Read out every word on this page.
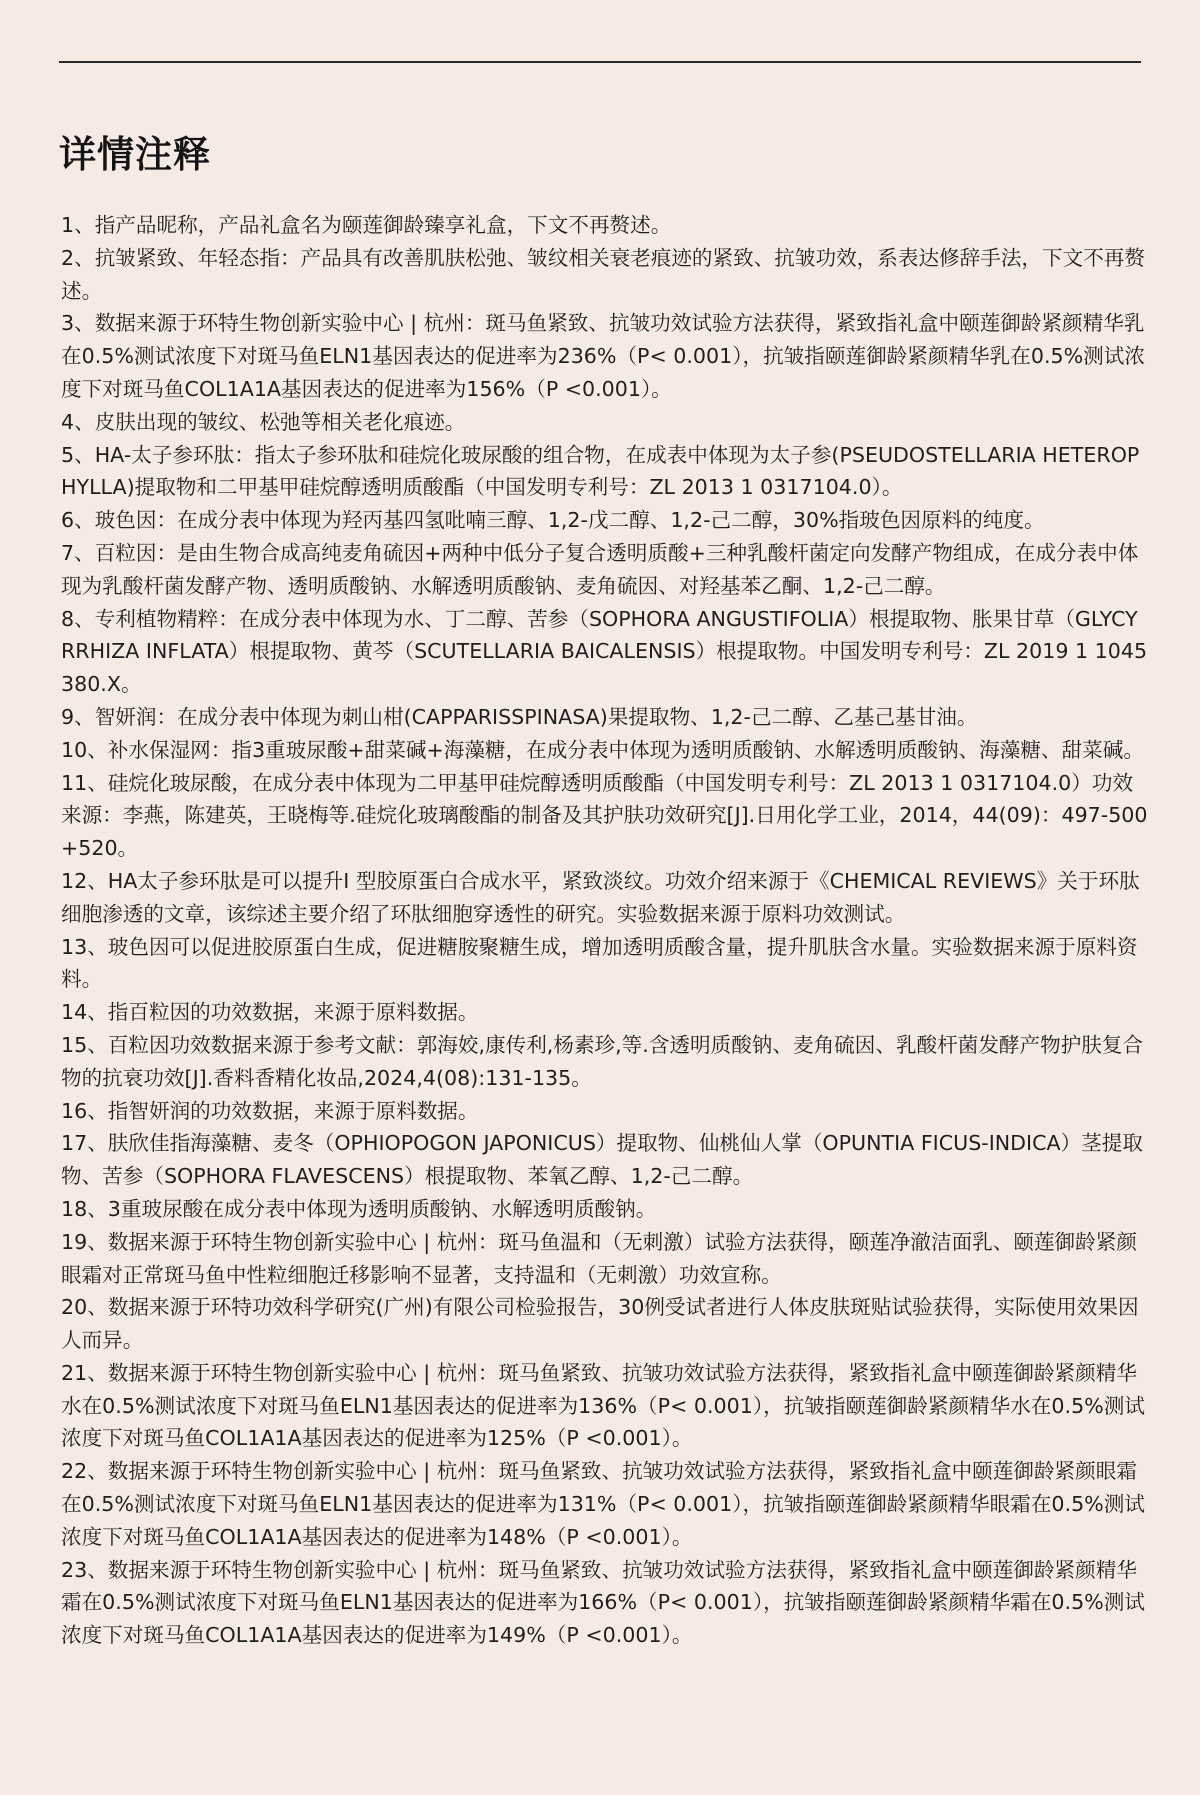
详情注释
1、指产品昵称，产品礼盒名为颐莲御龄臻享礼盒，下文不再赘述。
2、抗皱紧致、年轻态指：产品具有改善肌肤松弛、皱纹相关衰老痕迹的紧致、抗皱功效，系表达修辞手法，下文不再赘述。
3、数据来源于环特生物创新实验中心 | 杭州：斑马鱼紧致、抗皱功效试验方法获得，紧致指礼盒中颐莲御龄紧颜精华乳在0.5%测试浓度下对斑马鱼ELN1基因表达的促进率为236%（P< 0.001），抗皱指颐莲御龄紧颜精华乳在0.5%测试浓度下对斑马鱼COL1A1A基因表达的促进率为156%（P <0.001）。
4、皮肤出现的皱纹、松弛等相关老化痕迹。
5、HA-太子参环肽：指太子参环肽和硅烷化玻尿酸的组合物，在成表中体现为太子参(PSEUDOSTELLARIA HETEROPHYLLA)提取物和二甲基甲硅烷醇透明质酸酯（中国发明专利号：ZL 2013 1 0317104.0）。
6、玻色因：在成分表中体现为羟丙基四氢吡喃三醇、1,2-戊二醇、1,2-己二醇，30%指玻色因原料的纯度。
7、百粒因：是由生物合成高纯麦角硫因+两种中低分子复合透明质酸+三种乳酸杆菌定向发酵产物组成，在成分表中体现为乳酸杆菌发酵产物、透明质酸钠、水解透明质酸钠、麦角硫因、对羟基苯乙酮、1,2-己二醇。
8、专利植物精粹：在成分表中体现为水、丁二醇、苦参（SOPHORA ANGUSTIFOLIA）根提取物、胀果甘草（GLYCYRRHIZA INFLATA）根提取物、黄芩（SCUTELLARIA BAICALENSIS）根提取物。中国发明专利号：ZL 2019 1 1045380.X。
9、智妍润：在成分表中体现为刺山柑(CAPPARISSPINASA)果提取物、1,2-己二醇、乙基己基甘油。
10、补水保湿网：指3重玻尿酸+甜菜碱+海藻糖，在成分表中体现为透明质酸钠、水解透明质酸钠、海藻糖、甜菜碱。
11、硅烷化玻尿酸，在成分表中体现为二甲基甲硅烷醇透明质酸酯（中国发明专利号：ZL 2013 1 0317104.0）功效来源：李燕，陈建英，王晓梅等.硅烷化玻璃酸酯的制备及其护肤功效研究[J].日用化学工业，2014，44(09)：497-500+520。
12、HA太子参环肽是可以提升I 型胶原蛋白合成水平，紧致淡纹。功效介绍来源于《CHEMICAL REVIEWS》关于环肽细胞渗透的文章，该综述主要介绍了环肽细胞穿透性的研究。实验数据来源于原料功效测试。
13、玻色因可以促进胶原蛋白生成，促进糖胺聚糖生成，增加透明质酸含量，提升肌肤含水量。实验数据来源于原料资料。
14、指百粒因的功效数据，来源于原料数据。
15、百粒因功效数据来源于参考文献：郭海姣,康传利,杨素珍,等.含透明质酸钠、麦角硫因、乳酸杆菌发酵产物护肤复合物的抗衰功效[J].香料香精化妆品,2024,4(08):131-135。
16、指智妍润的功效数据，来源于原料数据。
17、肤欣佳指海藻糖、麦冬（OPHIOPOGON JAPONICUS）提取物、仙桃仙人掌（OPUNTIA FICUS-INDICA）茎提取物、苦参（SOPHORA FLAVESCENS）根提取物、苯氧乙醇、1,2-己二醇。
18、3重玻尿酸在成分表中体现为透明质酸钠、水解透明质酸钠。
19、数据来源于环特生物创新实验中心 | 杭州：斑马鱼温和（无刺激）试验方法获得，颐莲净澈洁面乳、颐莲御龄紧颜眼霜对正常斑马鱼中性粒细胞迁移影响不显著，支持温和（无刺激）功效宣称。
20、数据来源于环特功效科学研究(广州)有限公司检验报告，30例受试者进行人体皮肤斑贴试验获得，实际使用效果因人而异。
21、数据来源于环特生物创新实验中心 | 杭州：斑马鱼紧致、抗皱功效试验方法获得，紧致指礼盒中颐莲御龄紧颜精华水在0.5%测试浓度下对斑马鱼ELN1基因表达的促进率为136%（P< 0.001），抗皱指颐莲御龄紧颜精华水在0.5%测试浓度下对斑马鱼COL1A1A基因表达的促进率为125%（P <0.001）。
22、数据来源于环特生物创新实验中心 | 杭州：斑马鱼紧致、抗皱功效试验方法获得，紧致指礼盒中颐莲御龄紧颜眼霜在0.5%测试浓度下对斑马鱼ELN1基因表达的促进率为131%（P< 0.001），抗皱指颐莲御龄紧颜精华眼霜在0.5%测试浓度下对斑马鱼COL1A1A基因表达的促进率为148%（P <0.001）。
23、数据来源于环特生物创新实验中心 | 杭州：斑马鱼紧致、抗皱功效试验方法获得，紧致指礼盒中颐莲御龄紧颜精华霜在0.5%测试浓度下对斑马鱼ELN1基因表达的促进率为166%（P< 0.001），抗皱指颐莲御龄紧颜精华霜在0.5%测试浓度下对斑马鱼COL1A1A基因表达的促进率为149%（P <0.001）。
